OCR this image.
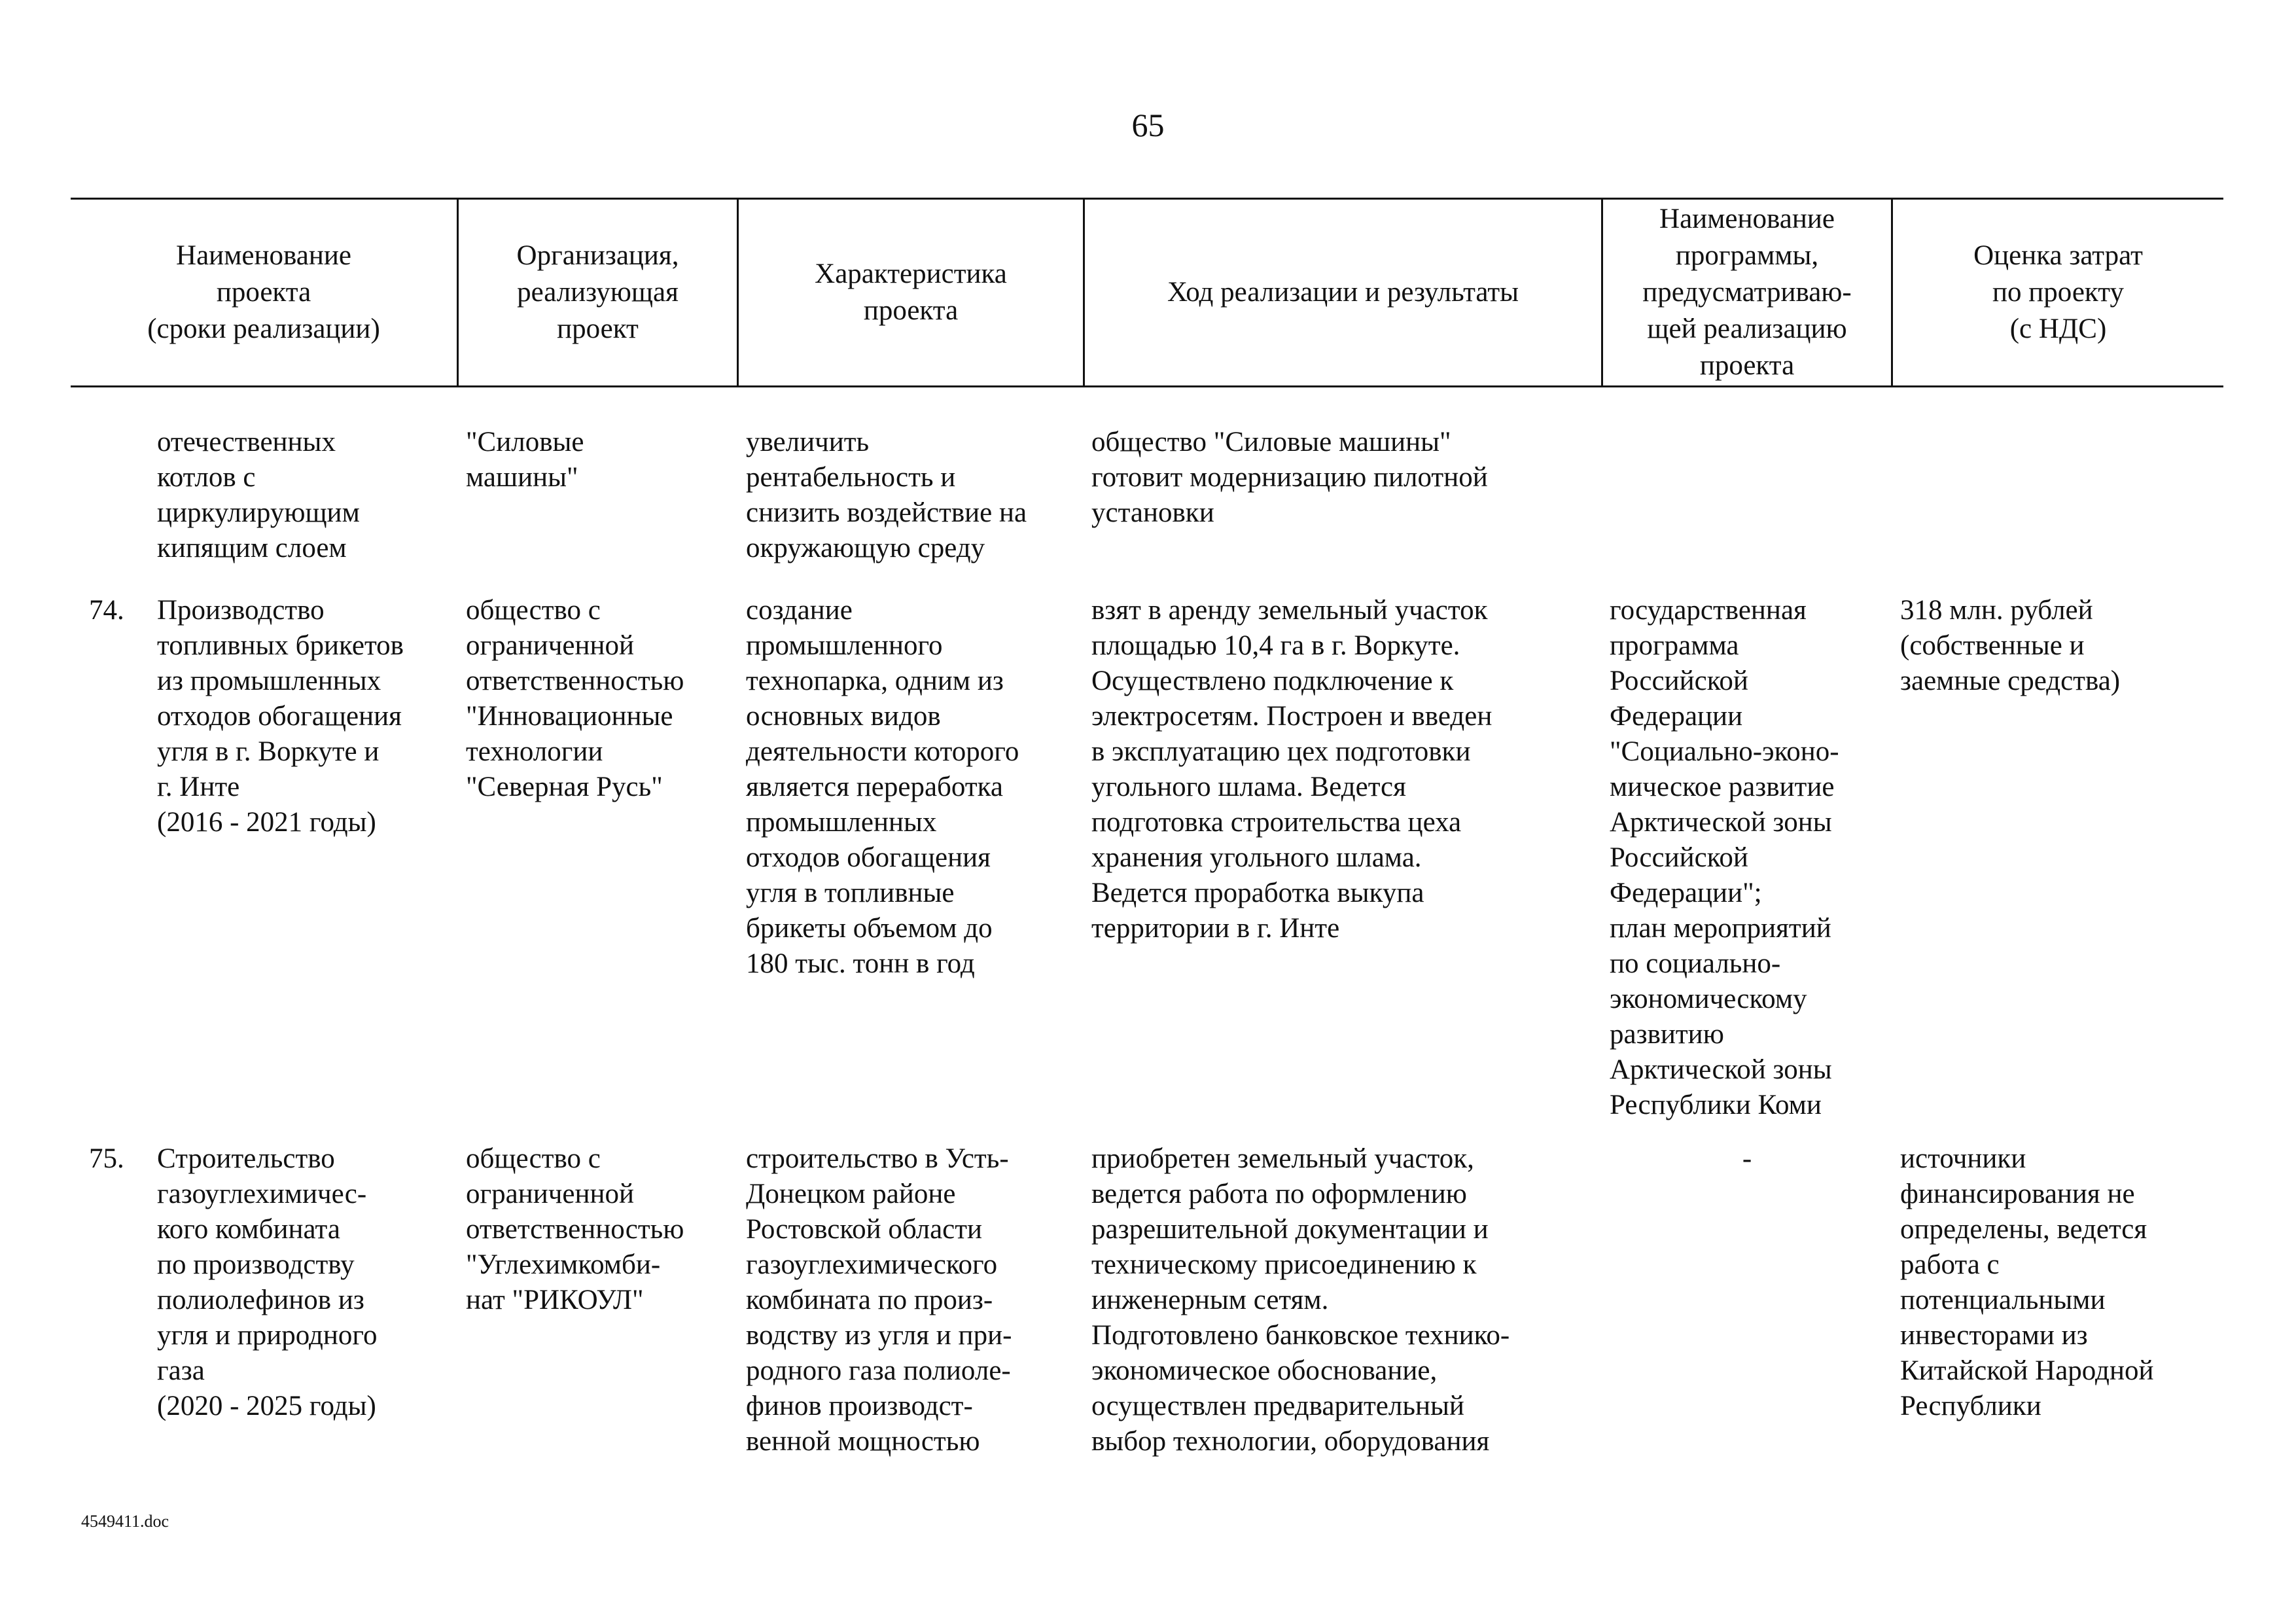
65
Наименование
проекта
(сроки реализации)
Организация,
реализующая
проект
Характеристика
проекта
Ход реализации и результаты
Наименование
программы,
предусматриваю-
щей реализацию
проекта
Оценка затрат
по проекту
(с НДС)
отечественных
котлов с
циркулирующим
кипящим слоем
"Силовые
машины"
увеличить
рентабельность и
снизить воздействие на
окружающую среду
общество "Силовые машины"
готовит модернизацию пилотной
установки
74. Производство
топливных брикетов
из промышленных
отходов обогащения
угля в г. Воркуте и
г. Инте
(2016 - 2021 годы)
общество с
ограниченной
ответственностью
"Инновационные
технологии
"Северная Русь"
создание
промышленного
технопарка, одним из
основных видов
деятельности которого
является переработка
промышленных
отходов обогащения
угля в топливные
брикеты объемом до
180 тыс. тонн в год
взят в аренду земельный участок
площадью 10,4 га в г. Воркуте.
Осуществлено подключение к
электросетям. Построен и введен
в эксплуатацию цех подготовки
угольного шлама. Ведется
подготовка строительства цеха
хранения угольного шлама.
Ведется проработка выкупа
территории в г. Инте
государственная
программа
Российской
Федерации
"Социально-эконо-
мическое развитие
Арктической зоны
Российской
Федерации";
план мероприятий
по социально-
экономическому
развитию
Арктической зоны
Республики Коми
318 млн. рублей
(собственные и
заемные средства)
75. Строительство
газоуглехимичес-
кого комбината
по производству
полиолефинов из
угля и природного
газа
(2020 - 2025 годы)
общество с
ограниченной
ответственностью
"Углехимкомби-
нат "РИКОУЛ"
строительство в Усть-
Донецком районе
Ростовской области
газоуглехимического
комбината по произ-
водству из угля и при-
родного газа полиоле-
финов производст-
венной мощностью
приобретен земельный участок,
ведется работа по оформлению
разрешительной документации и
техническому присоединению к
инженерным сетям.
Подготовлено банковское технико-
экономическое обоснование,
осуществлен предварительный
выбор технологии, оборудования
-	источники
финансирования не
определены, ведется
работа с
потенциальными
инвесторами из
Китайской Народной
Республики
4549411.doc
